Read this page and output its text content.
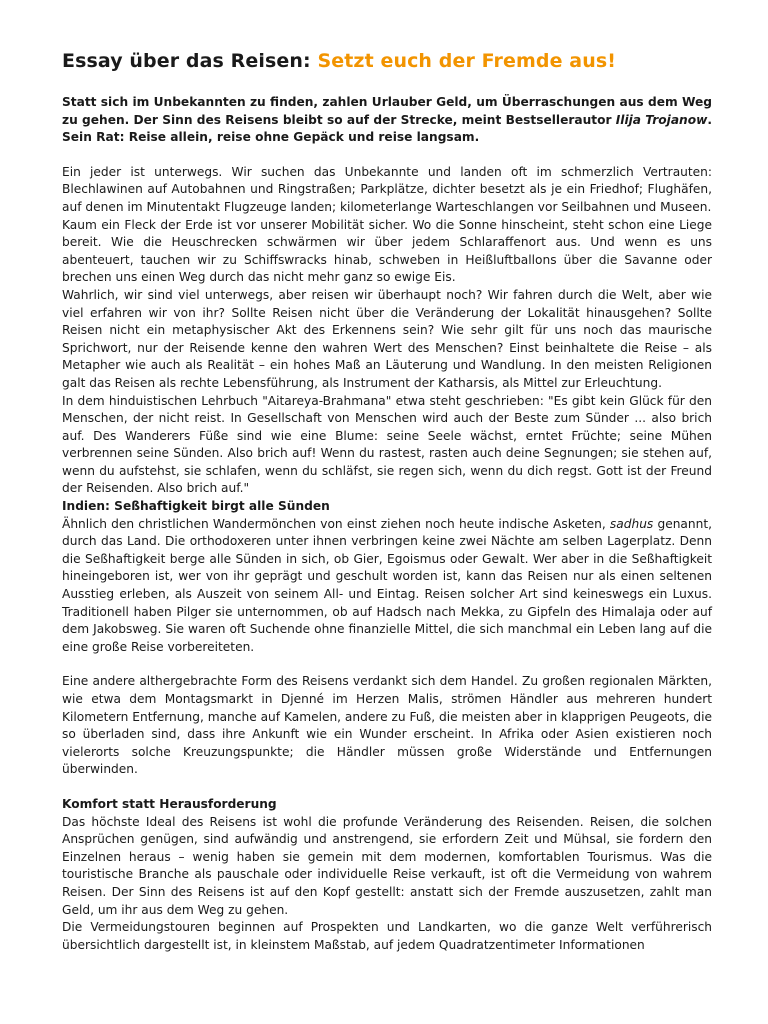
Essay über das Reisen: Setzt euch der Fremde aus!

Statt sich im Unbekannten zu finden, zahlen Urlauber Geld, um Überraschungen aus dem Weg zu gehen. Der Sinn des Reisens bleibt so auf der Strecke, meint Bestsellerautor Ilija Trojanow. Sein Rat: Reise allein, reise ohne Gepäck und reise langsam.

Ein jeder ist unterwegs. Wir suchen das Unbekannte und landen oft im schmerzlich Vertrauten: Blechlawinen auf Autobahnen und Ringstraßen; Parkplätze, dichter besetzt als je ein Friedhof; Flughäfen, auf denen im Minutentakt Flugzeuge landen; kilometerlange Warteschlangen vor Seilbahnen und Museen.

Kaum ein Fleck der Erde ist vor unserer Mobilität sicher. Wo die Sonne hinscheint, steht schon eine Liege bereit. Wie die Heuschrecken schwärmen wir über jedem Schlaraffenort aus. Und wenn es uns abenteuert, tauchen wir zu Schiffswracks hinab, schweben in Heißluftballons über die Savanne oder brechen uns einen Weg durch das nicht mehr ganz so ewige Eis.

Wahrlich, wir sind viel unterwegs, aber reisen wir überhaupt noch? Wir fahren durch die Welt, aber wie viel erfahren wir von ihr? Sollte Reisen nicht über die Veränderung der Lokalität hinausgehen? Sollte Reisen nicht ein metaphysischer Akt des Erkennens sein? Wie sehr gilt für uns noch das maurische Sprichwort, nur der Reisende kenne den wahren Wert des Menschen? Einst beinhaltete die Reise – als Metapher wie auch als Realität – ein hohes Maß an Läuterung und Wandlung. In den meisten Religionen galt das Reisen als rechte Lebensführung, als Instrument der Katharsis, als Mittel zur Erleuchtung.

In dem hinduistischen Lehrbuch "Aitareya-Brahmana" etwa steht geschrieben: "Es gibt kein Glück für den Menschen, der nicht reist. In Gesellschaft von Menschen wird auch der Beste zum Sünder ... also brich auf. Des Wanderers Füße sind wie eine Blume: seine Seele wächst, erntet Früchte; seine Mühen verbrennen seine Sünden. Also brich auf! Wenn du rastest, rasten auch deine Segnungen; sie stehen auf, wenn du aufstehst, sie schlafen, wenn du schläfst, sie regen sich, wenn du dich regst. Gott ist der Freund der Reisenden. Also brich auf."

Indien: Seßhaftigkeit birgt alle Sünden

Ähnlich den christlichen Wandermönchen von einst ziehen noch heute indische Asketen, sadhus genannt, durch das Land. Die orthodoxeren unter ihnen verbringen keine zwei Nächte am selben Lagerplatz. Denn die Seßhaftigkeit berge alle Sünden in sich, ob Gier, Egoismus oder Gewalt. Wer aber in die Seßhaftigkeit hineingeboren ist, wer von ihr geprägt und geschult worden ist, kann das Reisen nur als einen seltenen Ausstieg erleben, als Auszeit von seinem All- und Eintag. Reisen solcher Art sind keineswegs ein Luxus. Traditionell haben Pilger sie unternommen, ob auf Hadsch nach Mekka, zu Gipfeln des Himalaja oder auf dem Jakobsweg. Sie waren oft Suchende ohne finanzielle Mittel, die sich manchmal ein Leben lang auf die eine große Reise vorbereiteten.

Eine andere althergebrachte Form des Reisens verdankt sich dem Handel. Zu großen regionalen Märkten, wie etwa dem Montagsmarkt in Djenné im Herzen Malis, strömen Händler aus mehreren hundert Kilometern Entfernung, manche auf Kamelen, andere zu Fuß, die meisten aber in klapprigen Peugeots, die so überladen sind, dass ihre Ankunft wie ein Wunder erscheint. In Afrika oder Asien existieren noch vielerorts solche Kreuzungspunkte; die Händler müssen große Widerstände und Entfernungen überwinden.

Komfort statt Herausforderung

Das höchste Ideal des Reisens ist wohl die profunde Veränderung des Reisenden. Reisen, die solchen Ansprüchen genügen, sind aufwändig und anstrengend, sie erfordern Zeit und Mühsal, sie fordern den Einzelnen heraus – wenig haben sie gemein mit dem modernen, komfortablen Tourismus. Was die touristische Branche als pauschale oder individuelle Reise verkauft, ist oft die Vermeidung von wahrem Reisen. Der Sinn des Reisens ist auf den Kopf gestellt: anstatt sich der Fremde auszusetzen, zahlt man Geld, um ihr aus dem Weg zu gehen.

Die Vermeidungstouren beginnen auf Prospekten und Landkarten, wo die ganze Welt verführerisch übersichtlich dargestellt ist, in kleinstem Maßstab, auf jedem Quadratzentimeter Informationen
